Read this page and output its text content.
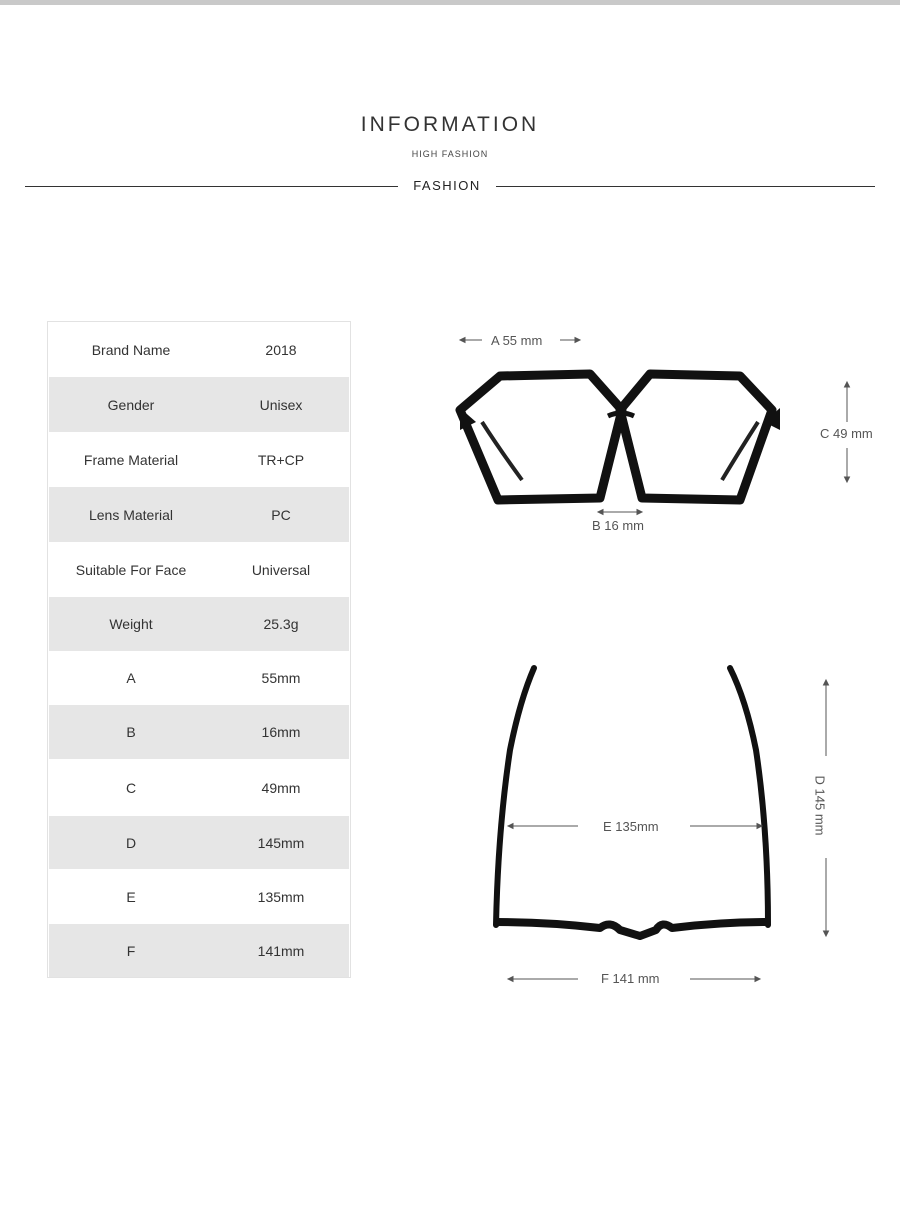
INFORMATION
HIGH FASHION
FASHION
Brand Name	2018
Gender	Unisex
Frame Material	TR+CP
Lens Material	PC
Suitable For Face	Universal
Weight	25.3g
A	55mm
B	16mm
C	49mm
D	145mm
E	135mm
F	141mm
A 55 mm
B 16 mm
C 49 mm
E 135mm
F 141 mm
D 145 mm
